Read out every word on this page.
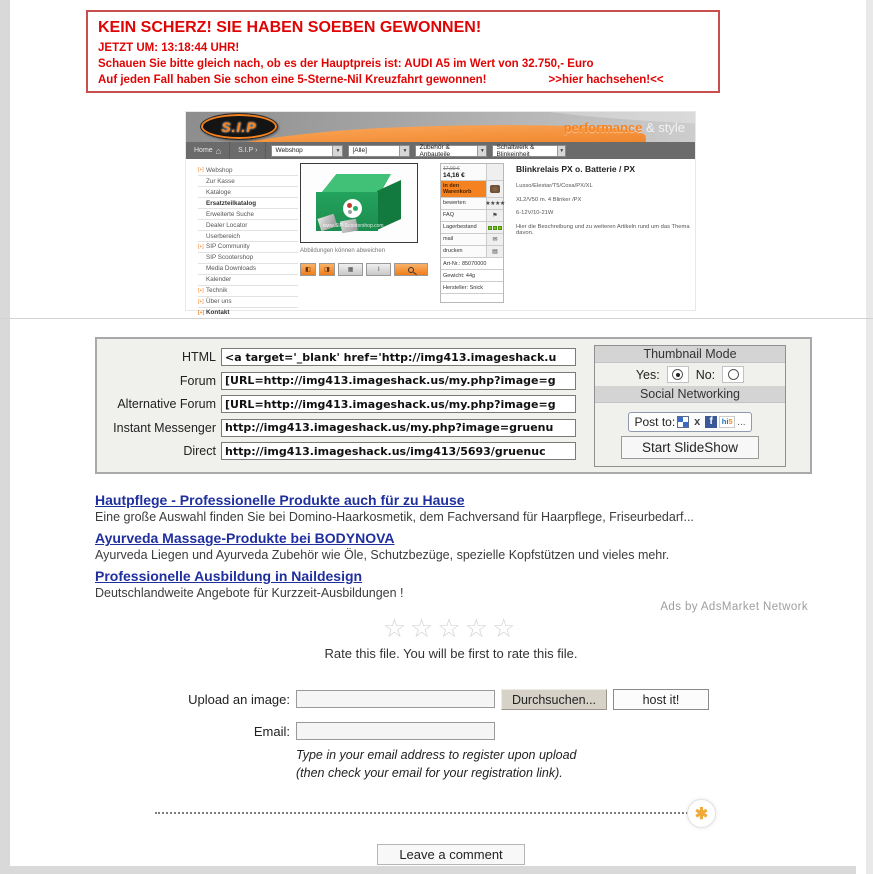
KEIN SCHERZ! SIE HABEN SOEBEN GEWONNEN!
JETZT UM: 13:18:44 UHR!
Schauen Sie bitte gleich nach, ob es der Hauptpreis ist: AUDI A5 im Wert von 32.750,- Euro
Auf jeden Fall haben Sie schon eine 5-Sterne-Nil Kreuzfahrt gewonnen!	>>hier hachsehen!<<
S.I.P	performance & style
Home ⌂	S.I.P ›	Webshop	▼	[Alle]	▼	Zubehör & Anbauteile	▼ Schaltwerk & Blinkeinheit	▼
[+] Webshop
Zur Kasse
Kataloge
Ersatzteilkatalog
Erweiterte Suche
Dealer Locator
Userbereich
[+] SIP Community
SIP Scootershop
Media Downloads
Kalender
[+] Technik
[+] Über uns
[+] Kontakt
www.SIP-Scootershop.com
Abbildungen können abweichen
◧	◨	▦	I
17,90 €
14,16 €
in den Warenkorb
bewerten	★★★★
FAQ	⚑
Lagerbestand
mail	✉
drucken	▤
Art-Nr.: 85070000
Gewicht: 44g
Hersteller: Snick
Blinkrelais PX o. Batterie / PX

Lusso/Elestar/T5/Cosa/PX/XL

XL2/V50 m. 4 Blinker /PX

6-12V/10-21W

Hier die Beschreibung und zu weiteren Artikeln rund um das Thema davon.

HTML
<a target='_blank' href='http://img413.imageshack.u
Forum
[URL=http://img413.imageshack.us/my.php?image=g
Alternative Forum
[URL=http://img413.imageshack.us/my.php?image=g
Instant Messenger
http://img413.imageshack.us/my.php?image=gruenu
Direct
http://img413.imageshack.us/img413/5693/gruenuc
Thumbnail Mode
Yes:	No:
Social Networking
Post to: x f	hi5 ...
Start SlideShow
Hautpflege - Professionelle Produkte auch für zu Hause
Eine große Auswahl finden Sie bei Domino-Haarkosmetik, dem Fachversand für Haarpflege, Friseurbedarf...
Ayurveda Massage-Produkte bei BODYNOVA
Ayurveda Liegen und Ayurveda Zubehör wie Öle, Schutzbezüge, spezielle Kopfstützen und vieles mehr.
Professionelle Ausbildung in Naildesign
Deutschlandweite Angebote für Kurzzeit-Ausbildungen !
Ads by AdsMarket Network
☆☆☆☆☆
Rate this file. You will be first to rate this file.
Upload an image:	Durchsuchen...	host it!
Email:
Type in your email address to register upon upload
(then check your email for your registration link).
✱
Leave a comment
